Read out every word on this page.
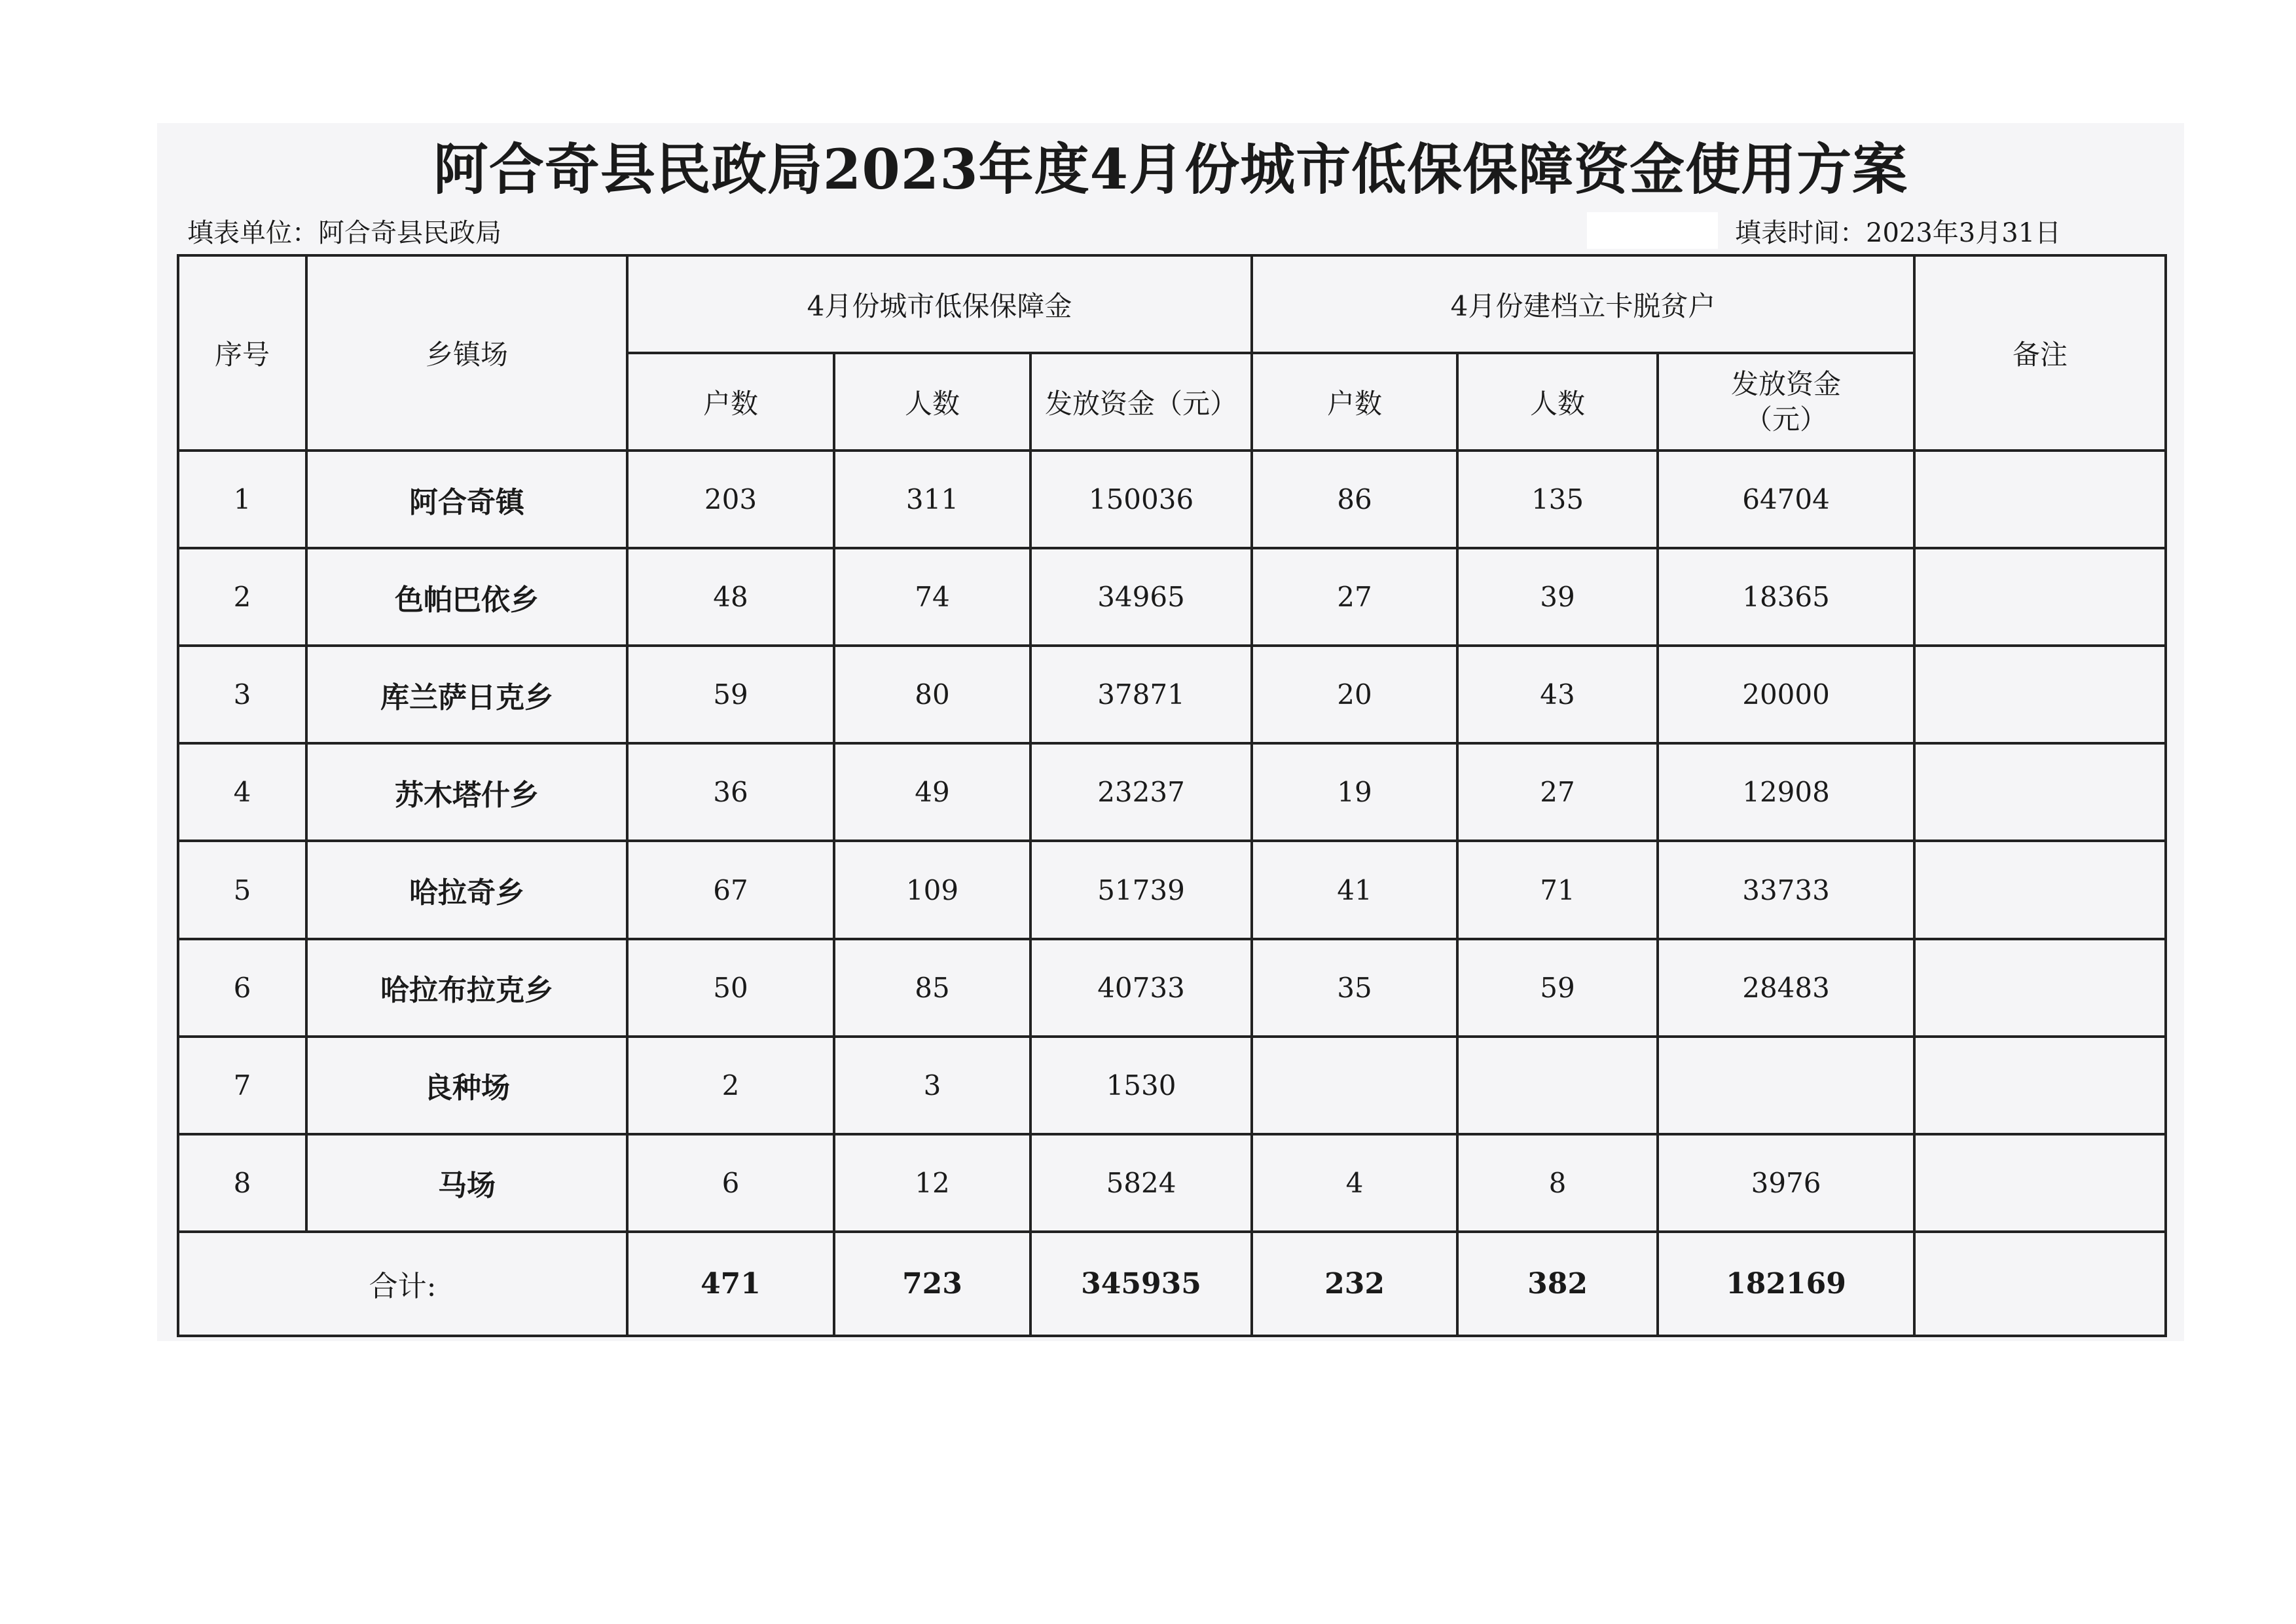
阿合奇县民政局2023年度4月份城市低保保障资金使用方案
填表单位：阿合奇县民政局	填表时间：2023年3月31日
序号	乡镇场	4月份城市低保保障金			4月份建档立卡脱贫户			备注
		户数	人数	发放资金（元）	户数	人数	发放资金
（元）	

1	阿合奇镇	203	311	150036	86	135	64704	
2	色帕巴依乡	48	74	34965	27	39	18365	
3	库兰萨日克乡	59	80	37871	20	43	20000	
4	苏木塔什乡	36	49	23237	19	27	12908	
5	哈拉奇乡	67	109	51739	41	71	33733	
6	哈拉布拉克乡	50	85	40733	35	59	28483	
7	良种场	2	3	1530				
8	马场	6	12	5824	4	8	3976	
合计:		471	723	345935	232	382	182169	
